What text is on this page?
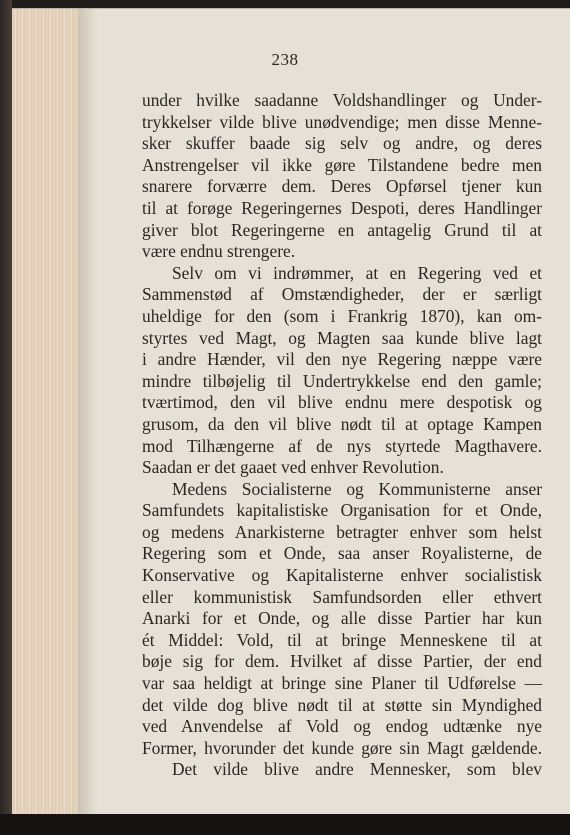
238
under hvilke saadanne Voldshandlinger og Under-
trykkelser vilde blive unødvendige; men disse Menne-
sker skuffer baade sig selv og andre, og deres
Anstrengelser vil ikke gøre Tilstandene bedre men
snarere forværre dem. Deres Opførsel tjener kun
til at forøge Regeringernes Despoti, deres Handlinger
giver blot Regeringerne en antagelig Grund til at
være endnu strengere.
Selv om vi indrømmer, at en Regering ved et
Sammenstød af Omstændigheder, der er særligt
uheldige for den (som i Frankrig 1870), kan om-
styrtes ved Magt, og Magten saa kunde blive lagt
i andre Hænder, vil den nye Regering næppe være
mindre tilbøjelig til Undertrykkelse end den gamle;
tværtimod, den vil blive endnu mere despotisk og
grusom, da den vil blive nødt til at optage Kampen
mod Tilhængerne af de nys styrtede Magthavere.
Saadan er det gaaet ved enhver Revolution.
Medens Socialisterne og Kommunisterne anser
Samfundets kapitalistiske Organisation for et Onde,
og medens Anarkisterne betragter enhver som helst
Regering som et Onde, saa anser Royalisterne, de
Konservative og Kapitalisterne enhver socialistisk
eller kommunistisk Samfundsorden eller ethvert
Anarki for et Onde, og alle disse Partier har kun
ét Middel: Vold, til at bringe Menneskene til at
bøje sig for dem. Hvilket af disse Partier, der end
var saa heldigt at bringe sine Planer til Udførelse —
det vilde dog blive nødt til at støtte sin Myndighed
ved Anvendelse af Vold og endog udtænke nye
Former, hvorunder det kunde gøre sin Magt gældende.
Det vilde blive andre Mennesker, som blev
